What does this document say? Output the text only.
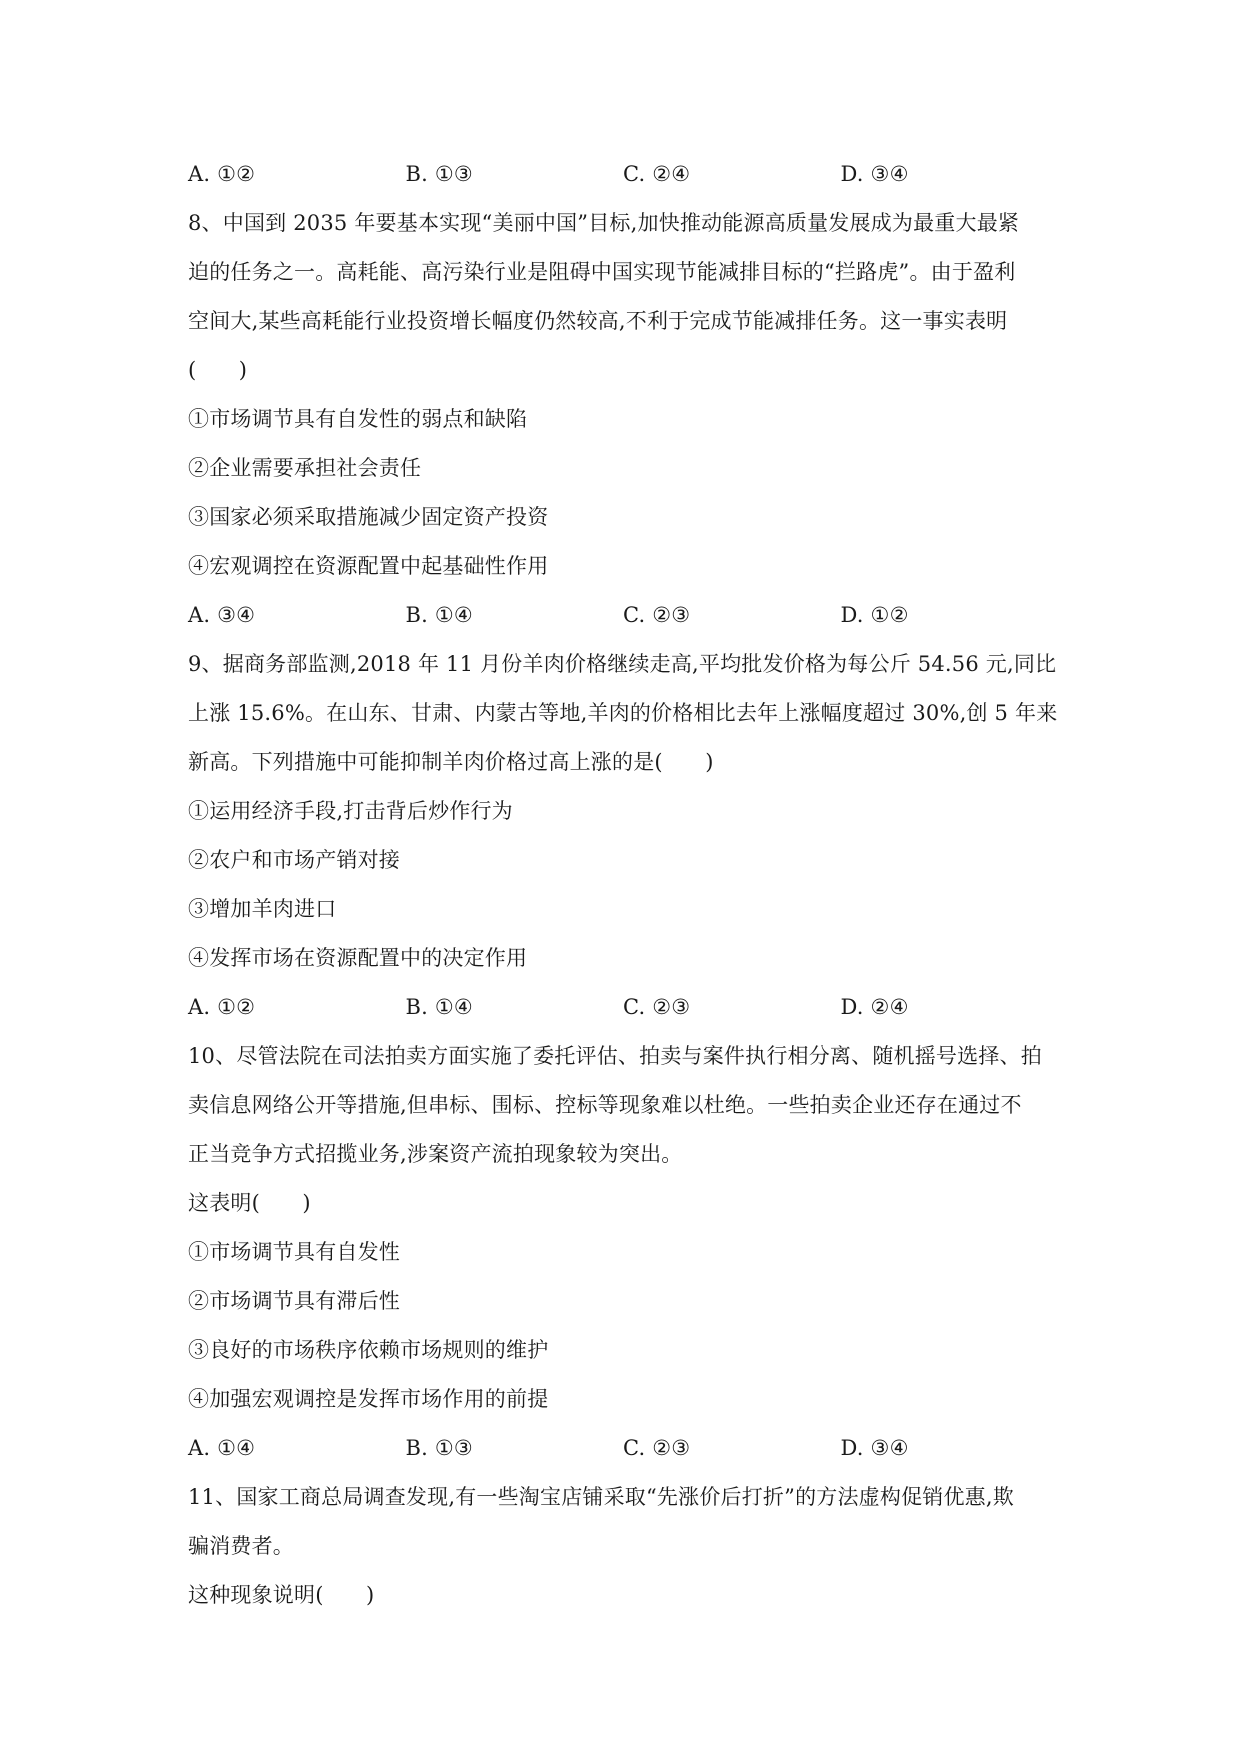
A. ①②	B. ①③	C. ②④	D. ③④
8、中国到 2035 年要基本实现“美丽中国”目标,加快推动能源高质量发展成为最重大最紧
迫的任务之一。高耗能、高污染行业是阻碍中国实现节能减排目标的“拦路虎”。由于盈利
空间大,某些高耗能行业投资增长幅度仍然较高,不利于完成节能减排任务。这一事实表明
(　　)
①市场调节具有自发性的弱点和缺陷
②企业需要承担社会责任
③国家必须采取措施减少固定资产投资
④宏观调控在资源配置中起基础性作用
A. ③④	B. ①④	C. ②③	D. ①②
9、据商务部监测,2018 年 11 月份羊肉价格继续走高,平均批发价格为每公斤 54.56 元,同比
上涨 15.6%。在山东、甘肃、内蒙古等地,羊肉的价格相比去年上涨幅度超过 30%,创 5 年来
新高。下列措施中可能抑制羊肉价格过高上涨的是(　　)
①运用经济手段,打击背后炒作行为
②农户和市场产销对接
③增加羊肉进口
④发挥市场在资源配置中的决定作用
A. ①②	B. ①④	C. ②③	D. ②④
10、尽管法院在司法拍卖方面实施了委托评估、拍卖与案件执行相分离、随机摇号选择、拍
卖信息网络公开等措施,但串标、围标、控标等现象难以杜绝。一些拍卖企业还存在通过不
正当竞争方式招揽业务,涉案资产流拍现象较为突出。
这表明(　　)
①市场调节具有自发性
②市场调节具有滞后性
③良好的市场秩序依赖市场规则的维护
④加强宏观调控是发挥市场作用的前提
A. ①④	B. ①③	C. ②③	D. ③④
11、国家工商总局调查发现,有一些淘宝店铺采取“先涨价后打折”的方法虚构促销优惠,欺
骗消费者。
这种现象说明(　　)
